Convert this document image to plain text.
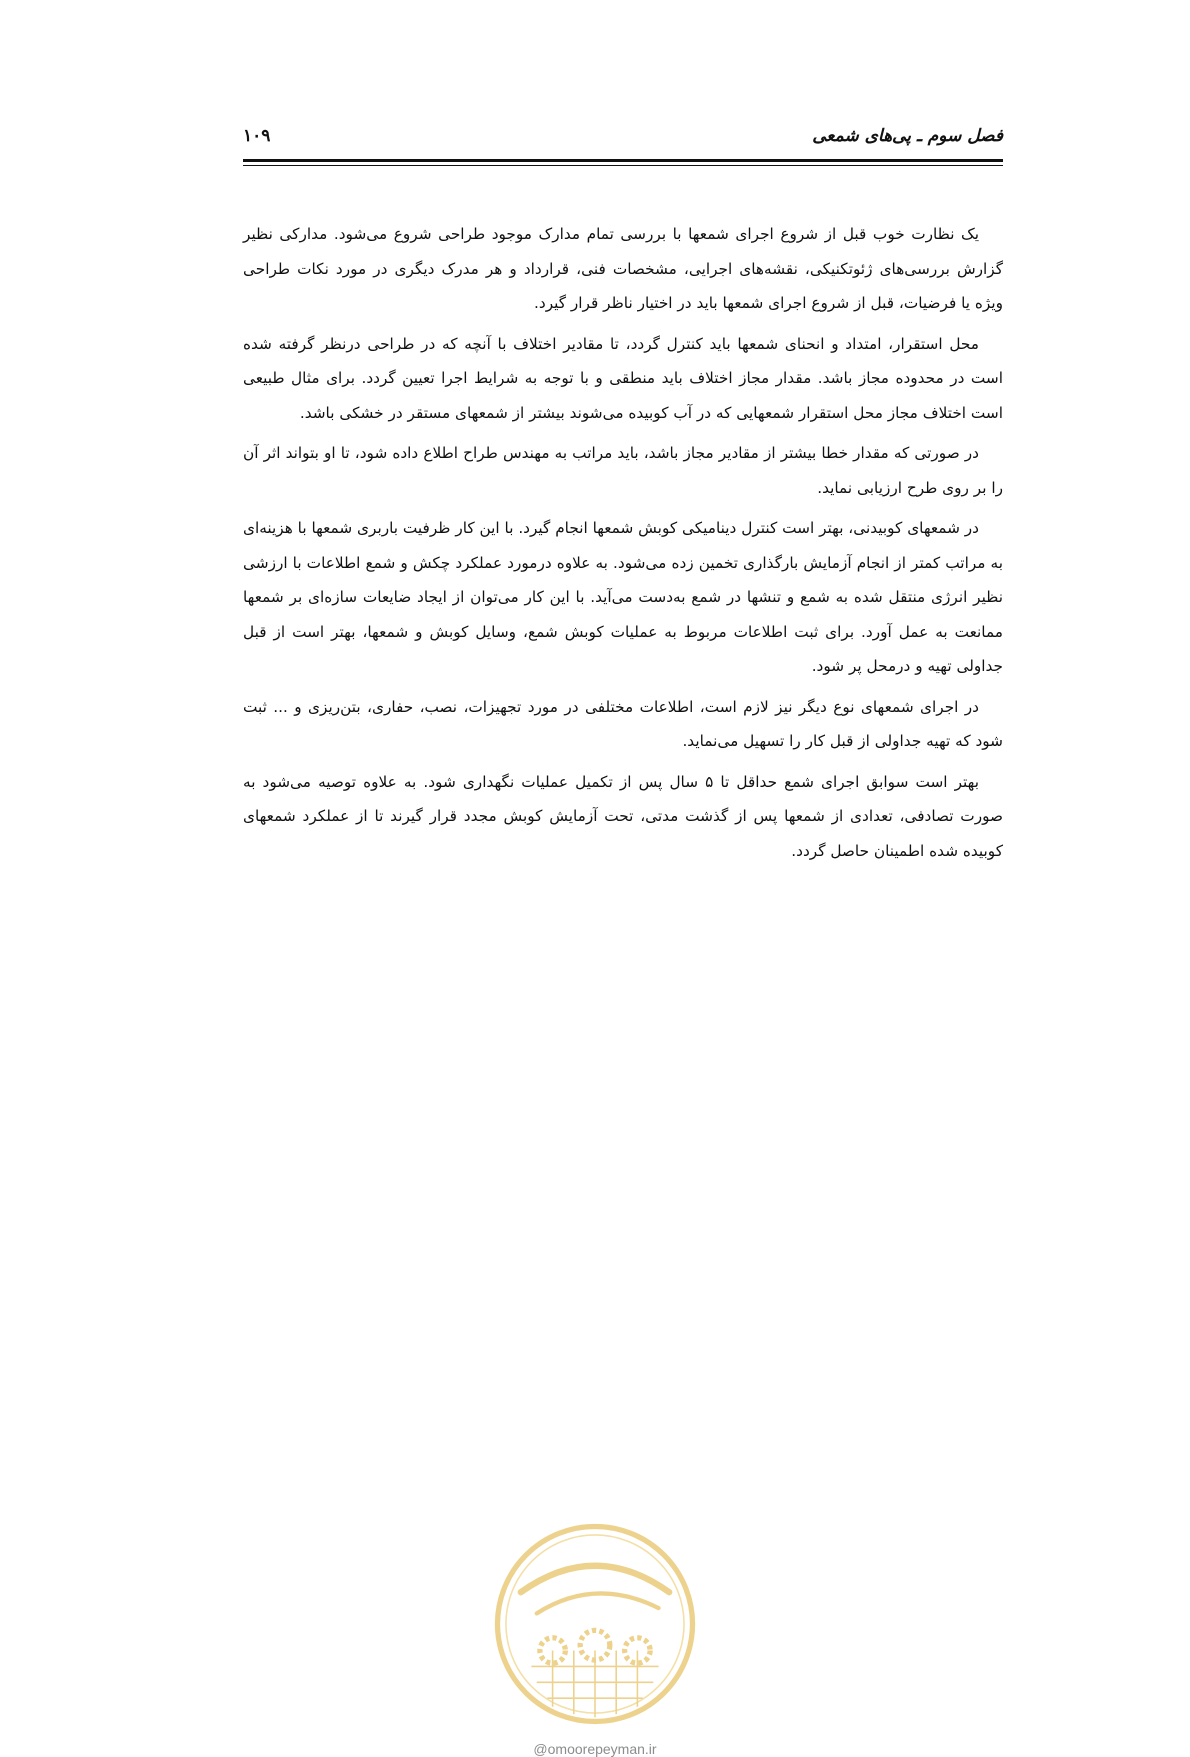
فصل سوم ـ پی‌های شمعی
۱۰۹

یک نظارت خوب قبل از شروع اجرای شمعها با بررسی تمام مدارک موجود طراحی شروع می‌شود. مدارکی نظیر گزارش بررسی‌های ژئوتکنیکی، نقشه‌های اجرایی، مشخصات فنی، قرارداد و هر مدرک دیگری در مورد نکات طراحی ویژه یا فرضیات، قبل از شروع اجرای شمعها باید در اختیار ناظر قرار گیرد.

محل استقرار، امتداد و انحنای شمعها باید کنترل گردد، تا مقادیر اختلاف با آنچه که در طراحی درنظر گرفته شده است در محدوده مجاز باشد. مقدار مجاز اختلاف باید منطقی و با توجه به شرایط اجرا تعیین گردد. برای مثال طبیعی است اختلاف مجاز محل استقرار شمعهایی که در آب کوبیده می‌شوند بیشتر از شمعهای مستقر در خشکی باشد.

در صورتی که مقدار خطا بیشتر از مقادیر مجاز باشد، باید مراتب به مهندس طراح اطلاع داده شود، تا او بتواند اثر آن را بر روی طرح ارزیابی نماید.

در شمعهای کوبیدنی، بهتر است کنترل دینامیکی کوبش شمعها انجام گیرد. با این کار ظرفیت باربری شمعها با هزینه‌ای به مراتب کمتر از انجام آزمایش بارگذاری تخمین زده می‌شود. به علاوه درمورد عملکرد چکش و شمع اطلاعات با ارزشی نظیر انرژی منتقل شده به شمع و تنشها در شمع به‌دست می‌آید. با این کار می‌توان از ایجاد ضایعات سازه‌ای بر شمعها ممانعت به عمل آورد. برای ثبت اطلاعات مربوط به عملیات کوبش شمع، وسایل کوبش و شمعها، بهتر است از قبل جداولی تهیه و درمحل پر شود.

در اجرای شمعهای نوع دیگر نیز لازم است، اطلاعات مختلفی در مورد تجهیزات، نصب، حفاری، بتن‌ریزی و ... ثبت شود که تهیه جداولی از قبل کار را تسهیل می‌نماید.

بهتر است سوابق اجرای شمع حداقل تا ۵ سال پس از تکمیل عملیات نگهداری شود. به علاوه توصیه می‌شود به صورت تصادفی، تعدادی از شمعها پس از گذشت مدتی، تحت آزمایش کوبش مجدد قرار گیرند تا از عملکرد شمعهای کوبیده شده اطمینان حاصل گردد.

@omoorepeyman.ir
